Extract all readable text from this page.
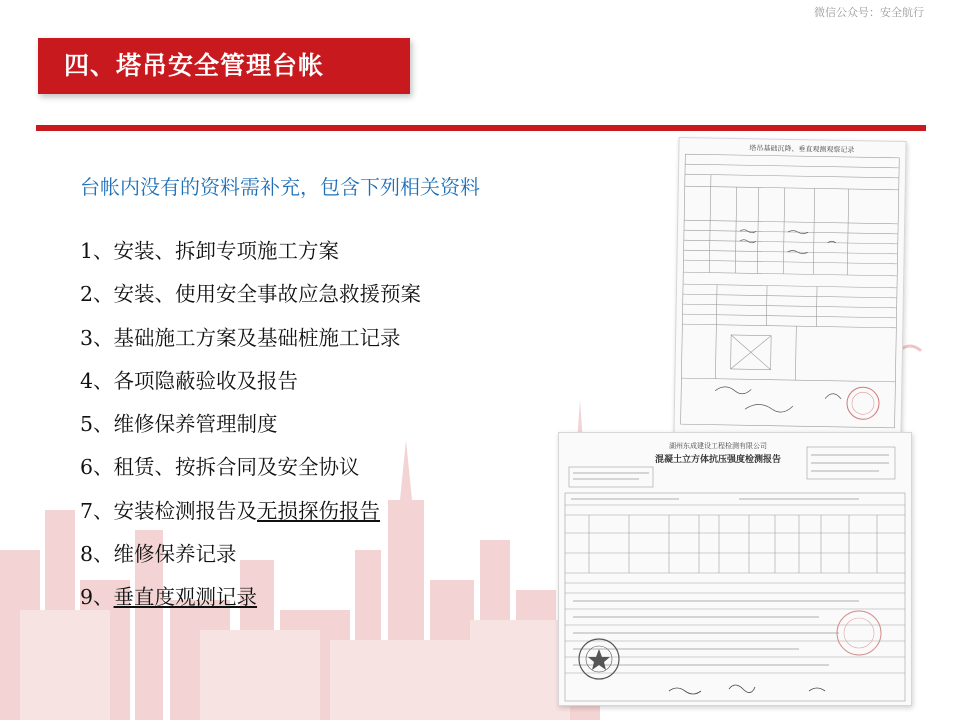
微信公众号：安全航行
四、塔吊安全管理台帐
台帐内没有的资料需补充，包含下列相关资料
1、安装、拆卸专项施工方案
2、安装、使用安全事故应急救援预案
3、基础施工方案及基础桩施工记录
4、各项隐蔽验收及报告
5、维修保养管理制度
6、租赁、按拆合同及安全协议
7、安装检测报告及无损探伤报告
8、维修保养记录
9、垂直度观测记录
塔吊基础沉降、垂直观测观察记录
湖州东成建设工程检测有限公司
混凝土立方体抗压强度检测报告
